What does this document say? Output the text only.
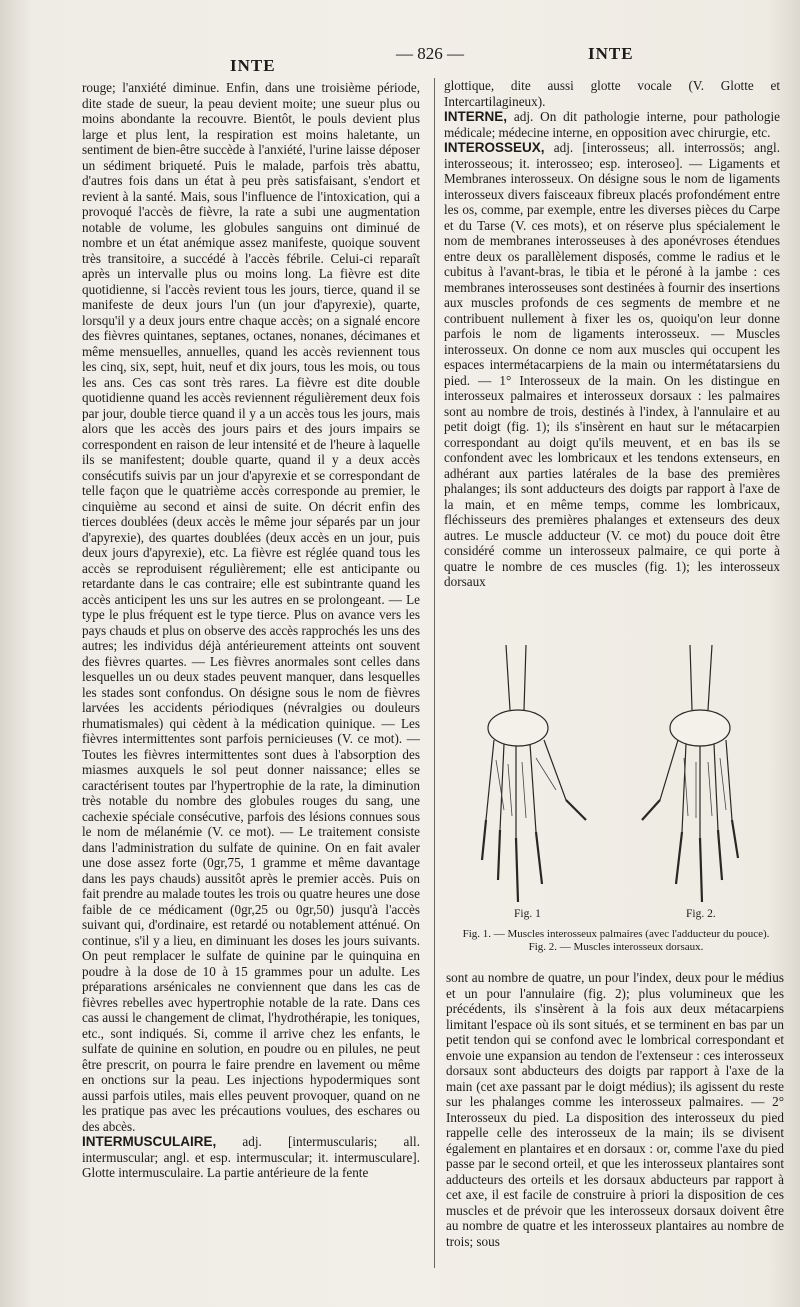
INTE
— 826 —	INTE

rouge; l'anxiété diminue. Enfin, dans une troisième période, dite stade de sueur, la peau devient moite; une sueur plus ou moins abondante la recouvre. Bientôt, le pouls devient plus large et plus lent, la respiration est moins haletante, un sentiment de bien-être succède à l'anxiété, l'urine laisse déposer un sédiment briqueté. Puis le malade, parfois très abattu, d'autres fois dans un état à peu près satisfaisant, s'endort et revient à la santé. Mais, sous l'influence de l'intoxication, qui a provoqué l'accès de fièvre, la rate a subi une augmentation notable de volume, les globules sanguins ont diminué de nombre et un état anémique assez manifeste, quoique souvent très transitoire, a succédé à l'accès fébrile. Celui-ci reparaît après un intervalle plus ou moins long. La fièvre est dite quotidienne, si l'accès revient tous les jours, tierce, quand il se manifeste de deux jours l'un (un jour d'apyrexie), quarte, lorsqu'il y a deux jours entre chaque accès; on a signalé encore des fièvres quintanes, septanes, octanes, nonanes, décimanes et même mensuelles, annuelles, quand les accès reviennent tous les cinq, six, sept, huit, neuf et dix jours, tous les mois, ou tous les ans. Ces cas sont très rares. La fièvre est dite double quotidienne quand les accès reviennent régulièrement deux fois par jour, double tierce quand il y a un accès tous les jours, mais alors que les accès des jours pairs et des jours impairs se correspondent en raison de leur intensité et de l'heure à laquelle ils se manifestent; double quarte, quand il y a deux accès consécutifs suivis par un jour d'apyrexie et se correspondant de telle façon que le quatrième accès corresponde au premier, le cinquième au second et ainsi de suite. On décrit enfin des tierces doublées (deux accès le même jour séparés par un jour d'apyrexie), des quartes doublées (deux accès en un jour, puis deux jours d'apyrexie), etc. La fièvre est réglée quand tous les accès se reproduisent régulièrement; elle est anticipante ou retardante dans le cas contraire; elle est subintrante quand les accès anticipent les uns sur les autres en se prolongeant. — Le type le plus fréquent est le type tierce. Plus on avance vers les pays chauds et plus on observe des accès rapprochés les uns des autres; les individus déjà antérieurement atteints ont souvent des fièvres quartes. — Les fièvres anormales sont celles dans lesquelles un ou deux stades peuvent manquer, dans lesquelles les stades sont confondus. On désigne sous le nom de fièvres larvées les accidents périodiques (névralgies ou douleurs rhumatismales) qui cèdent à la médication quinique. — Les fièvres intermittentes sont parfois pernicieuses (V. ce mot). — Toutes les fièvres intermittentes sont dues à l'absorption des miasmes auxquels le sol peut donner naissance; elles se caractérisent toutes par l'hypertrophie de la rate, la diminution très notable du nombre des globules rouges du sang, une cachexie spéciale consécutive, parfois des lésions connues sous le nom de mélanémie (V. ce mot). — Le traitement consiste dans l'administration du sulfate de quinine. On en fait avaler une dose assez forte (0gr,75, 1 gramme et même davantage dans les pays chauds) aussitôt après le premier accès. Puis on fait prendre au malade toutes les trois ou quatre heures une dose faible de ce médicament (0gr,25 ou 0gr,50) jusqu'à l'accès suivant qui, d'ordinaire, est retardé ou notablement atténué. On continue, s'il y a lieu, en diminuant les doses les jours suivants. On peut remplacer le sulfate de quinine par le quinquina en poudre à la dose de 10 à 15 grammes pour un adulte. Les préparations arsénicales ne conviennent que dans les cas de fièvres rebelles avec hypertrophie notable de la rate. Dans ces cas aussi le changement de climat, l'hydrothérapie, les toniques, etc., sont indiqués. Si, comme il arrive chez les enfants, le sulfate de quinine en solution, en poudre ou en pilules, ne peut être prescrit, on pourra le faire prendre en lavement ou même en onctions sur la peau. Les injections hypodermiques sont aussi parfois utiles, mais elles peuvent provoquer, quand on ne les pratique pas avec les précautions voulues, des eschares ou des abcès.

INTERMUSCULAIRE, adj. [intermuscularis; all. intermuscular; angl. et esp. intermuscular; it. intermusculare]. Glotte intermusculaire. La partie antérieure de la fente

glottique, dite aussi glotte vocale (V. Glotte et Intercartilagineux).

INTERNE, adj. On dit pathologie interne, pour pathologie médicale; médecine interne, en opposition avec chirurgie, etc.

INTEROSSEUX, adj. [interosseus; all. interrossös; angl. interosseous; it. interosseo; esp. interoseo]. — Ligaments et Membranes interosseux. On désigne sous le nom de ligaments interosseux divers faisceaux fibreux placés profondément entre les os, comme, par exemple, entre les diverses pièces du Carpe et du Tarse (V. ces mots), et on réserve plus spécialement le nom de membranes interosseuses à des aponévroses étendues entre deux os parallèlement disposés, comme le radius et le cubitus à l'avant-bras, le tibia et le péroné à la jambe : ces membranes interosseuses sont destinées à fournir des insertions aux muscles profonds de ces segments de membre et ne contribuent nullement à fixer les os, quoiqu'on leur donne parfois le nom de ligaments interosseux. — Muscles interosseux. On donne ce nom aux muscles qui occupent les espaces intermétacarpiens de la main ou intermétatarsiens du pied. — 1° Interosseux de la main. On les distingue en interosseux palmaires et interosseux dorsaux : les palmaires sont au nombre de trois, destinés à l'index, à l'annulaire et au petit doigt (fig. 1); ils s'insèrent en haut sur le métacarpien correspondant au doigt qu'ils meuvent, et en bas ils se confondent avec les lombricaux et les tendons extenseurs, en adhérant aux parties latérales de la base des premières phalanges; ils sont adducteurs des doigts par rapport à l'axe de la main, et en même temps, comme les lombricaux, fléchisseurs des premières phalanges et extenseurs des deux autres. Le muscle adducteur (V. ce mot) du pouce doit être considéré comme un interosseux palmaire, ce qui porte à quatre le nombre de ces muscles (fig. 1); les interosseux dorsaux

Fig. 1	Fig. 2.
Fig. 1. — Muscles interosseux palmaires (avec l'adducteur du pouce).
Fig. 2. — Muscles interosseux dorsaux.

sont au nombre de quatre, un pour l'index, deux pour le médius et un pour l'annulaire (fig. 2); plus volumineux que les précédents, ils s'insèrent à la fois aux deux métacarpiens limitant l'espace où ils sont situés, et se terminent en bas par un petit tendon qui se confond avec le lombrical correspondant et envoie une expansion au tendon de l'extenseur : ces interosseux dorsaux sont abducteurs des doigts par rapport à l'axe de la main (cet axe passant par le doigt médius); ils agissent du reste sur les phalanges comme les interosseux palmaires. — 2° Interosseux du pied. La disposition des interosseux du pied rappelle celle des interosseux de la main; ils se divisent également en plantaires et en dorsaux : or, comme l'axe du pied passe par le second orteil, et que les interosseux plantaires sont adducteurs des orteils et les dorsaux abducteurs par rapport à cet axe, il est facile de construire à priori la disposition de ces muscles et de prévoir que les interosseux dorsaux doivent être au nombre de quatre et les interosseux plantaires au nombre de trois; sous
